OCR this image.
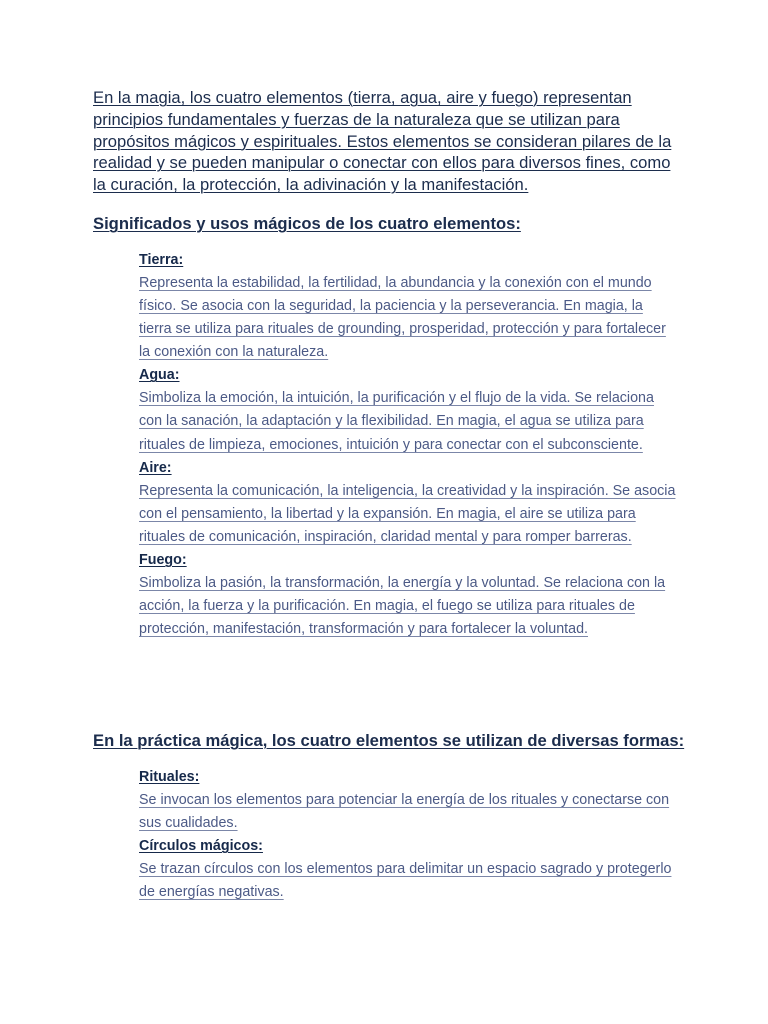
En la magia, los cuatro elementos (tierra, agua, aire y fuego) representan principios fundamentales y fuerzas de la naturaleza que se utilizan para propósitos mágicos y espirituales. Estos elementos se consideran pilares de la realidad y se pueden manipular o conectar con ellos para diversos fines, como la curación, la protección, la adivinación y la manifestación.

Significados y usos mágicos de los cuatro elementos:

Tierra:

Representa la estabilidad, la fertilidad, la abundancia y la conexión con el mundo físico. Se asocia con la seguridad, la paciencia y la perseverancia. En magia, la tierra se utiliza para rituales de grounding, prosperidad, protección y para fortalecer la conexión con la naturaleza.

Agua:

Simboliza la emoción, la intuición, la purificación y el flujo de la vida. Se relaciona con la sanación, la adaptación y la flexibilidad. En magia, el agua se utiliza para rituales de limpieza, emociones, intuición y para conectar con el subconsciente.

Aire:

Representa la comunicación, la inteligencia, la creatividad y la inspiración. Se asocia con el pensamiento, la libertad y la expansión. En magia, el aire se utiliza para rituales de comunicación, inspiración, claridad mental y para romper barreras.

Fuego:

Simboliza la pasión, la transformación, la energía y la voluntad. Se relaciona con la acción, la fuerza y la purificación. En magia, el fuego se utiliza para rituales de protección, manifestación, transformación y para fortalecer la voluntad.

En la práctica mágica, los cuatro elementos se utilizan de diversas formas:

Rituales:

Se invocan los elementos para potenciar la energía de los rituales y conectarse con sus cualidades.

Círculos mágicos:

Se trazan círculos con los elementos para delimitar un espacio sagrado y protegerlo de energías negativas.
